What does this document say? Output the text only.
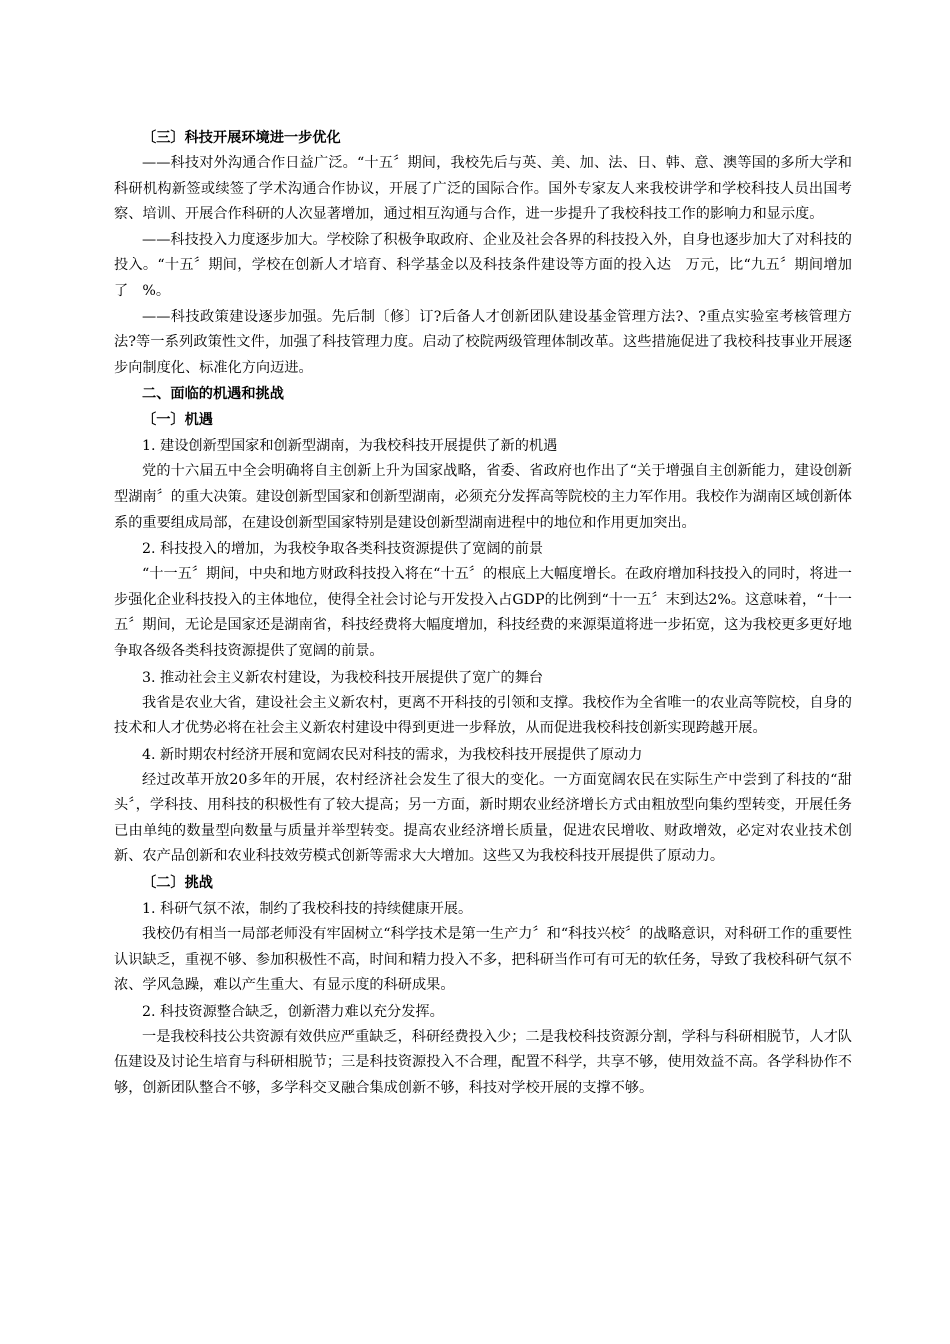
〔三〕科技开展环境进一步优化
——科技对外沟通合作日益广泛。“十五〞期间，我校先后与英、美、加、法、日、韩、意、澳等国的多所大学和科研机构新签或续签了学术沟通合作协议，开展了广泛的国际合作。国外专家友人来我校讲学和学校科技人员出国考察、培训、开展合作科研的人次显著增加，通过相互沟通与合作，进一步提升了我校科技工作的影响力和显示度。
——科技投入力度逐步加大。学校除了积极争取政府、企业及社会各界的科技投入外，自身也逐步加大了对科技的投入。“十五〞期间，学校在创新人才培育、科学基金以及科技条件建设等方面的投入达　万元，比“九五〞期间增加了　%。
——科技政策建设逐步加强。先后制〔修〕订?后备人才创新团队建设基金管理方法?、?重点实验室考核管理方法?等一系列政策性文件，加强了科技管理力度。启动了校院两级管理体制改革。这些措施促进了我校科技事业开展逐步向制度化、标准化方向迈进。
二、面临的机遇和挑战
〔一〕机遇
1. 建设创新型国家和创新型湖南，为我校科技开展提供了新的机遇
党的十六届五中全会明确将自主创新上升为国家战略，省委、省政府也作出了“关于增强自主创新能力，建设创新型湖南〞的重大决策。建设创新型国家和创新型湖南，必须充分发挥高等院校的主力军作用。我校作为湖南区域创新体系的重要组成局部，在建设创新型国家特别是建设创新型湖南进程中的地位和作用更加突出。
2. 科技投入的增加，为我校争取各类科技资源提供了宽阔的前景
“十一五〞期间，中央和地方财政科技投入将在“十五〞的根底上大幅度增长。在政府增加科技投入的同时，将进一步强化企业科技投入的主体地位，使得全社会讨论与开发投入占GDP的比例到“十一五〞末到达2%。这意味着，“十一五〞期间，无论是国家还是湖南省，科技经费将大幅度增加，科技经费的来源渠道将进一步拓宽，这为我校更多更好地争取各级各类科技资源提供了宽阔的前景。
3. 推动社会主义新农村建设，为我校科技开展提供了宽广的舞台
我省是农业大省，建设社会主义新农村，更离不开科技的引领和支撑。我校作为全省唯一的农业高等院校，自身的技术和人才优势必将在社会主义新农村建设中得到更进一步释放，从而促进我校科技创新实现跨越开展。
4. 新时期农村经济开展和宽阔农民对科技的需求，为我校科技开展提供了原动力
经过改革开放20多年的开展，农村经济社会发生了很大的变化。一方面宽阔农民在实际生产中尝到了科技的“甜头〞，学科技、用科技的积极性有了较大提高；另一方面，新时期农业经济增长方式由粗放型向集约型转变，开展任务已由单纯的数量型向数量与质量并举型转变。提高农业经济增长质量，促进农民增收、财政增效，必定对农业技术创新、农产品创新和农业科技效劳模式创新等需求大大增加。这些又为我校科技开展提供了原动力。
〔二〕挑战
1. 科研气氛不浓，制约了我校科技的持续健康开展。
我校仍有相当一局部老师没有牢固树立“科学技术是第一生产力〞和“科技兴校〞的战略意识，对科研工作的重要性认识缺乏，重视不够、参加积极性不高，时间和精力投入不多，把科研当作可有可无的软任务，导致了我校科研气氛不浓、学风急躁，难以产生重大、有显示度的科研成果。
2. 科技资源整合缺乏，创新潜力难以充分发挥。
一是我校科技公共资源有效供应严重缺乏，科研经费投入少；二是我校科技资源分割，学科与科研相脱节，人才队伍建设及讨论生培育与科研相脱节；三是科技资源投入不合理，配置不科学，共享不够，使用效益不高。各学科协作不够，创新团队整合不够，多学科交叉融合集成创新不够，科技对学校开展的支撑不够。
